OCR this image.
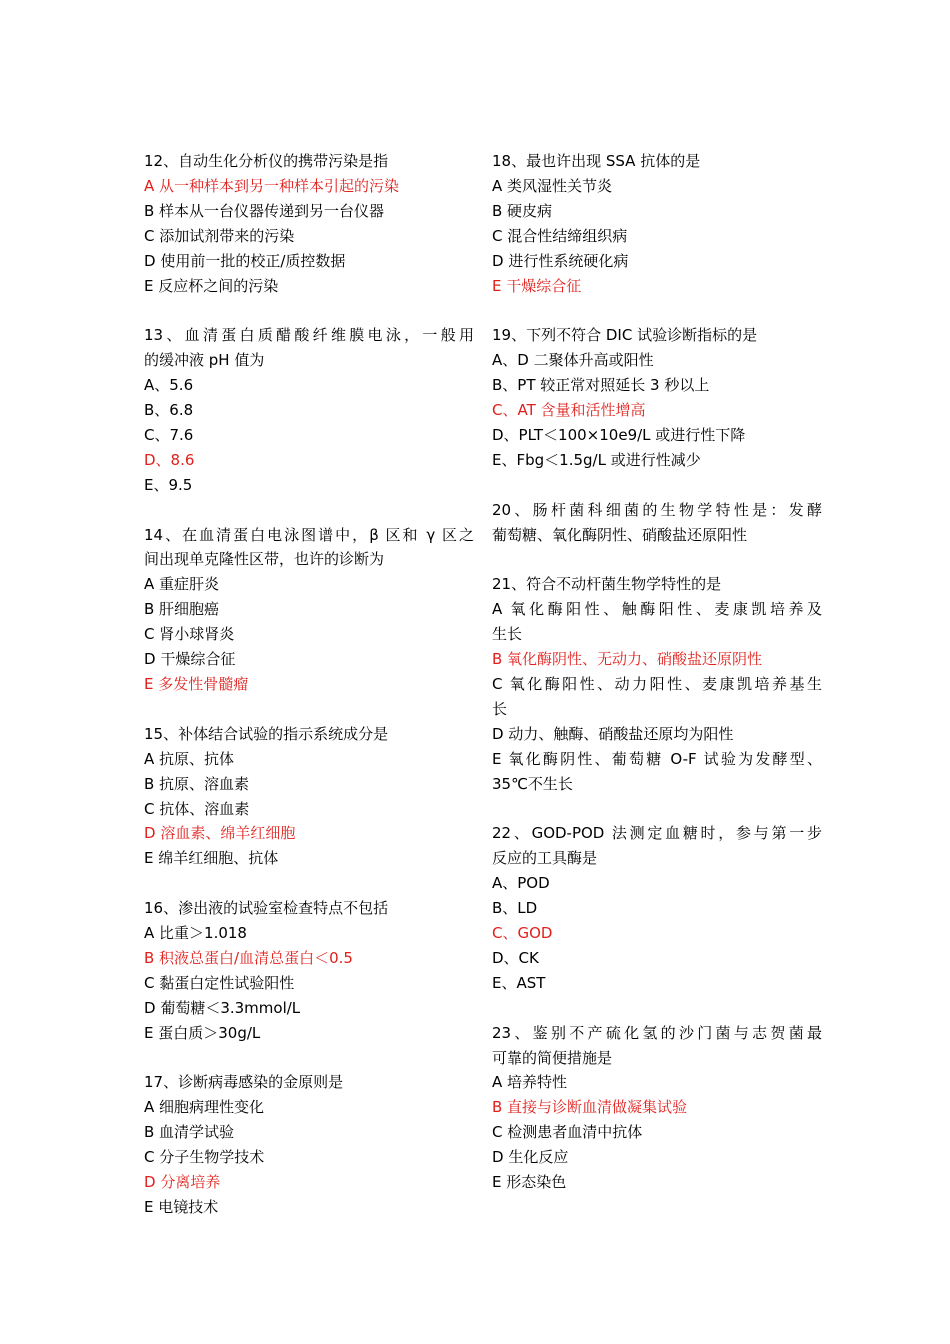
12、自动生化分析仪的携带污染是指
A 从一种样本到另一种样本引起的污染
B 样本从一台仪器传递到另一台仪器
C 添加试剂带来的污染
D 使用前一批的校正/质控数据
E 反应杯之间的污染
13、血清蛋白质醋酸纤维膜电泳，一般用
的缓冲液 pH 值为
A、5.6
B、6.8
C、7.6
D、8.6
E、9.5
14、在血清蛋白电泳图谱中，β 区和 γ 区之
间出现单克隆性区带，也许的诊断为
A 重症肝炎
B 肝细胞癌
C 肾小球肾炎
D 干燥综合征
E 多发性骨髓瘤
15、补体结合试验的指示系统成分是
A 抗原、抗体
B 抗原、溶血素
C 抗体、溶血素
D 溶血素、绵羊红细胞
E 绵羊红细胞、抗体
16、渗出液的试验室检查特点不包括
A 比重＞1.018
B 积液总蛋白/血清总蛋白＜0.5
C 黏蛋白定性试验阳性
D 葡萄糖＜3.3mmol/L
E 蛋白质＞30g/L
17、诊断病毒感染的金原则是
A 细胞病理性变化
B 血清学试验
C 分子生物学技术
D 分离培养
E 电镜技术
18、最也许出现 SSA 抗体的是
A 类风湿性关节炎
B 硬皮病
C 混合性结缔组织病
D 进行性系统硬化病
E 干燥综合征
19、下列不符合 DIC 试验诊断指标的是
A、D 二聚体升高或阳性
B、PT 较正常对照延长 3 秒以上
C、AT 含量和活性增高
D、PLT＜100×10e9/L 或进行性下降
E、Fbg＜1.5g/L 或进行性减少
20、肠杆菌科细菌的生物学特性是：发酵
葡萄糖、氧化酶阴性、硝酸盐还原阳性
21、符合不动杆菌生物学特性的是
A 氧化酶阳性、触酶阳性、麦康凯培养及
生长
B 氧化酶阴性、无动力、硝酸盐还原阴性
C 氧化酶阳性、动力阳性、麦康凯培养基生
长
D 动力、触酶、硝酸盐还原均为阳性
E 氧化酶阴性、葡萄糖 O-F 试验为发酵型、
35℃不生长
22、GOD-POD 法测定血糖时，参与第一步
反应的工具酶是
A、POD
B、LD
C、GOD
D、CK
E、AST
23、鉴别不产硫化氢的沙门菌与志贺菌最
可靠的简便措施是
A 培养特性
B 直接与诊断血清做凝集试验
C 检测患者血清中抗体
D 生化反应
E 形态染色
